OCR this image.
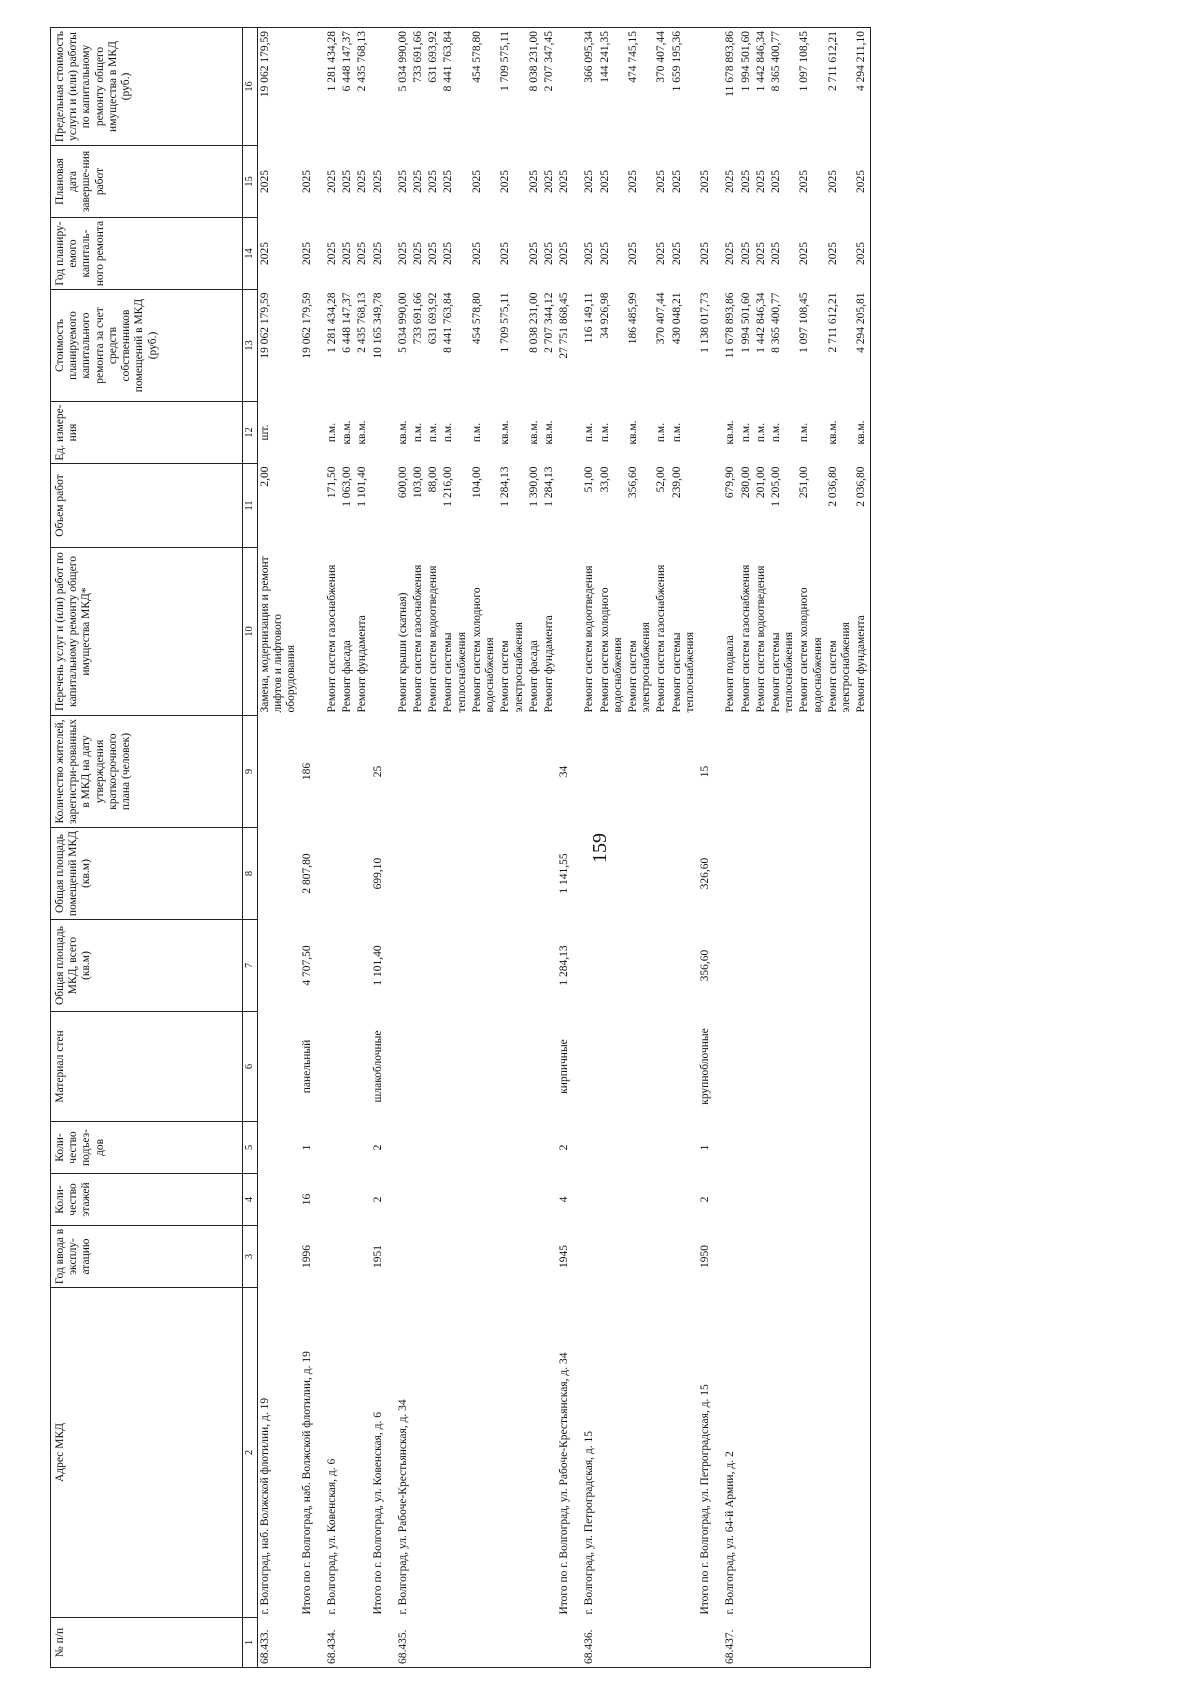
159
№ п/п	Адрес МКД	Год ввода в эксплу-атацию	Коли-чество этажей	Коли-чество подъез-дов	Материал стен	Общая площадь МКД, всего (кв.м)	Общая площадь помещений МКД (кв.м)	Количество жителей, зарегистри-рованных в МКД на дату утверждения краткосрочного плана (человек)	Перечень услуг и (или) работ по капитальному ремонту общего имущества МКД*	Объем работ	Ед. измере-ния	Стоимость планируемого капитального ремонта за счет средств собственников помещений в МКД (руб.)	Год планиру-емого капиталь-ного ремонта	Плановая дата заверше-ния работ	Предельная стоимость услуги и (или) работы по капитальному ремонту общего имущества в МКД (руб.)
1	2	3	4	5	6	7	8	9	10	11	12	13	14	15	16
68.433.	г. Волгоград, наб. Волжской флотилии, д. 19								Замена, модернизация и ремонт лифтов и лифтового оборудования	2,00	шт.	19 062 179,59	2025	2025	19 062 179,59
	Итого по г. Волгоград, наб. Волжской флотилии, д. 19	1996	16	1	панельный	4 707,50	2 807,80	186				19 062 179,59	2025	2025	

68.434.	г. Волгоград, ул. Ковенская, д. 6								Ремонт систем газоснабжения	171,50	п.м.	1 281 434,28	2025	2025	1 281 434,28
									Ремонт фасада	1 063,00	кв.м.	6 448 147,37	2025	2025	6 448 147,37
									Ремонт фундамента	1 101,40	кв.м.	2 435 768,13	2025	2025	2 435 768,13
	Итого по г. Волгоград, ул. Ковенская, д. 6	1951	2	2	шлакоблочные	1 101,40	699,10	25				10 165 349,78	2025	2025	

68.435.	г. Волгоград, ул. Рабоче-Крестьянская, д. 34								Ремонт крыши (скатная)	600,00	кв.м.	5 034 990,00	2025	2025	5 034 990,00
									Ремонт систем газоснабжения	103,00	п.м.	733 691,66	2025	2025	733 691,66
									Ремонт систем водоотведения	88,00	п.м.	631 693,92	2025	2025	631 693,92
									Ремонт системы теплоснабжения	1 216,00	п.м.	8 441 763,84	2025	2025	8 441 763,84
									Ремонт систем холодного водоснабжения	104,00	п.м.	454 578,80	2025	2025	454 578,80
									Ремонт систем электроснабжения	1 284,13	кв.м.	1 709 575,11	2025	2025	1 709 575,11
									Ремонт фасада	1 390,00	кв.м.	8 038 231,00	2025	2025	8 038 231,00
									Ремонт фундамента	1 284,13	кв.м.	2 707 344,12	2025	2025	2 707 347,45
	Итого по г. Волгоград, ул. Рабоче-Крестьянская, д. 34	1945	4	2	кирпичные	1 284,13	1 141,55	34				27 751 868,45	2025	2025	

68.436.	г. Волгоград, ул. Петроградская, д. 15								Ремонт систем водоотведения	51,00	п.м.	116 149,11	2025	2025	366 095,34
									Ремонт систем холодного водоснабжения	33,00	п.м.	34 926,98	2025	2025	144 241,35
									Ремонт систем электроснабжения	356,60	кв.м.	186 485,99	2025	2025	474 745,15
									Ремонт систем газоснабжения	52,00	п.м.	370 407,44	2025	2025	370 407,44
									Ремонт системы теплоснабжения	239,00	п.м.	430 048,21	2025	2025	1 659 195,36
	Итого по г. Волгоград, ул. Петроградская, д. 15	1950	2	1	крупноблочные	356,60	326,60	15				1 138 017,73	2025	2025	

68.437.	г. Волгоград, ул. 64-й Армии, д. 2								Ремонт подвала	679,90	кв.м.	11 678 893,86	2025	2025	11 678 893,86
									Ремонт систем газоснабжения	280,00	п.м.	1 994 501,60	2025	2025	1 994 501,60
									Ремонт систем водоотведения	201,00	п.м.	1 442 846,34	2025	2025	1 442 846,34
									Ремонт системы теплоснабжения	1 205,00	п.м.	8 365 400,77	2025	2025	8 365 400,77
									Ремонт систем холодного водоснабжения	251,00	п.м.	1 097 108,45	2025	2025	1 097 108,45
									Ремонт систем электроснабжения	2 036,80	кв.м.	2 711 612,21	2025	2025	2 711 612,21
									Ремонт фундамента	2 036,80	кв.м.	4 294 205,81	2025	2025	4 294 211,10
